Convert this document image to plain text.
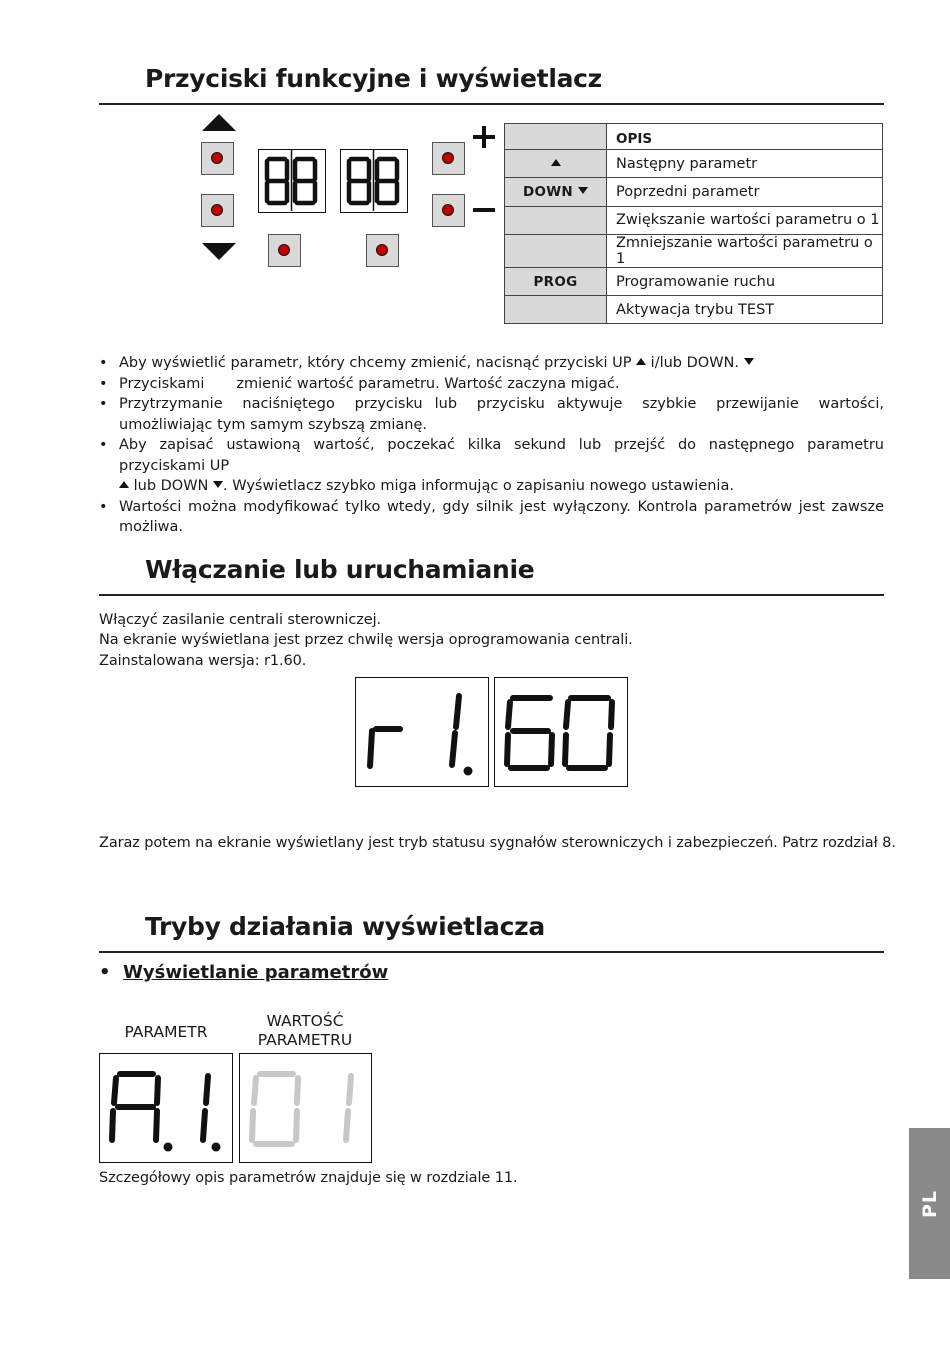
Przyciski funkcyjne i wyświetlacz
	OPIS
	Następny parametr
DOWN	Poprzedni parametr
	Zwiększanie wartości parametru o 1
	Zmniejszanie wartości parametru o 1
PROG	Programowanie ruchu
	Aktywacja trybu TEST
• Aby wyświetlić parametr, który chcemy zmienić, nacisnąć przyciski UP i/lub DOWN.
• Przyciskami zmienić wartość parametru. Wartość zaczyna migać.
• Przytrzymanie naciśniętego przycisku lub przycisku aktywuje szybkie przewijanie wartości, umożliwiając tym samym szybszą zmianę.
• Aby zapisać ustawioną wartość, poczekać kilka sekund lub przejść do następnego parametru przyciskami UP
lub DOWN . Wyświetlacz szybko miga informując o zapisaniu nowego ustawienia.
• Wartości można modyfikować tylko wtedy, gdy silnik jest wyłączony. Kontrola parametrów jest zawsze możliwa.
Włączanie lub uruchamianie

Włączyć zasilanie centrali sterowniczej.

Na ekranie wyświetlana jest przez chwilę wersja oprogramowania centrali.

Zainstalowana wersja: r1.60.

Zaraz potem na ekranie wyświetlany jest tryb statusu sygnałów sterowniczych i zabezpieczeń. Patrz rozdział 8.

Tryby działania wyświetlacza
•  Wyświetlanie parametrów
PARAMETR
WARTOŚĆ
PARAMETRU

Szczegółowy opis parametrów znajduje się w rozdziale 11.

PL
